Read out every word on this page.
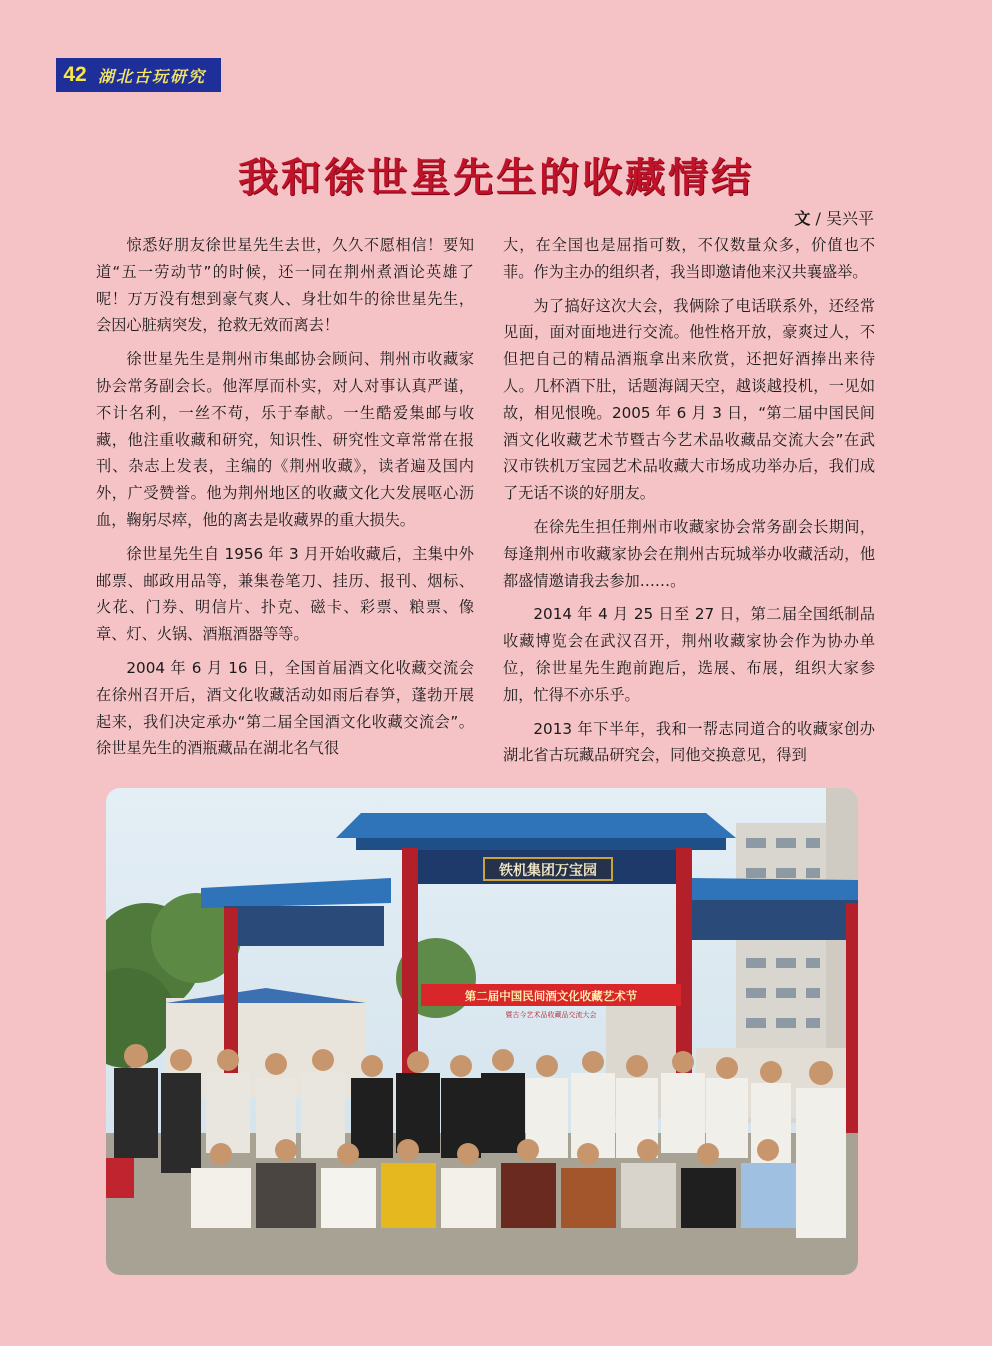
42 湖北古玩研究
我和徐世星先生的收藏情结
文 / 吴兴平

惊悉好朋友徐世星先生去世，久久不愿相信！要知道“五一劳动节”的时候，还一同在荆州煮酒论英雄了呢！万万没有想到豪气爽人、身壮如牛的徐世星先生，会因心脏病突发，抢救无效而离去！

徐世星先生是荆州市集邮协会顾问、荆州市收藏家协会常务副会长。他浑厚而朴实，对人对事认真严谨，不计名利，一丝不苟，乐于奉献。一生酷爱集邮与收藏，他注重收藏和研究，知识性、研究性文章常常在报刊、杂志上发表，主编的《荆州收藏》，读者遍及国内外，广受赞誉。他为荆州地区的收藏文化大发展呕心沥血，鞠躬尽瘁，他的离去是收藏界的重大损失。

徐世星先生自 1956 年 3 月开始收藏后，主集中外邮票、邮政用品等，兼集卷笔刀、挂历、报刊、烟标、火花、门券、明信片、扑克、磁卡、彩票、粮票、像章、灯、火锅、酒瓶酒器等等。

2004 年 6 月 16 日，全国首届酒文化收藏交流会在徐州召开后，酒文化收藏活动如雨后春笋，蓬勃开展起来，我们决定承办“第二届全国酒文化收藏交流会”。徐世星先生的酒瓶藏品在湖北名气很

大，在全国也是屈指可数，不仅数量众多，价值也不菲。作为主办的组织者，我当即邀请他来汉共襄盛举。

为了搞好这次大会，我俩除了电话联系外，还经常见面，面对面地进行交流。他性格开放，豪爽过人，不但把自己的精品酒瓶拿出来欣赏，还把好酒捧出来待人。几杯酒下肚，话题海阔天空，越谈越投机，一见如故，相见恨晚。2005 年 6 月 3 日，“第二届中国民间酒文化收藏艺术节暨古今艺术品收藏品交流大会”在武汉市铁机万宝园艺术品收藏大市场成功举办后，我们成了无话不谈的好朋友。

在徐先生担任荆州市收藏家协会常务副会长期间，每逢荆州市收藏家协会在荆州古玩城举办收藏活动，他都盛情邀请我去参加……。

2014 年 4 月 25 日至 27 日，第二届全国纸制品收藏博览会在武汉召开，荆州收藏家协会作为协办单位，徐世星先生跑前跑后，选展、布展，组织大家参加，忙得不亦乐乎。

2013 年下半年，我和一帮志同道合的收藏家创办湖北省古玩藏品研究会，同他交换意见，得到

铁机集团万宝园
第二届中国民间酒文化收藏艺术节
暨古今艺术品收藏品交流大会
